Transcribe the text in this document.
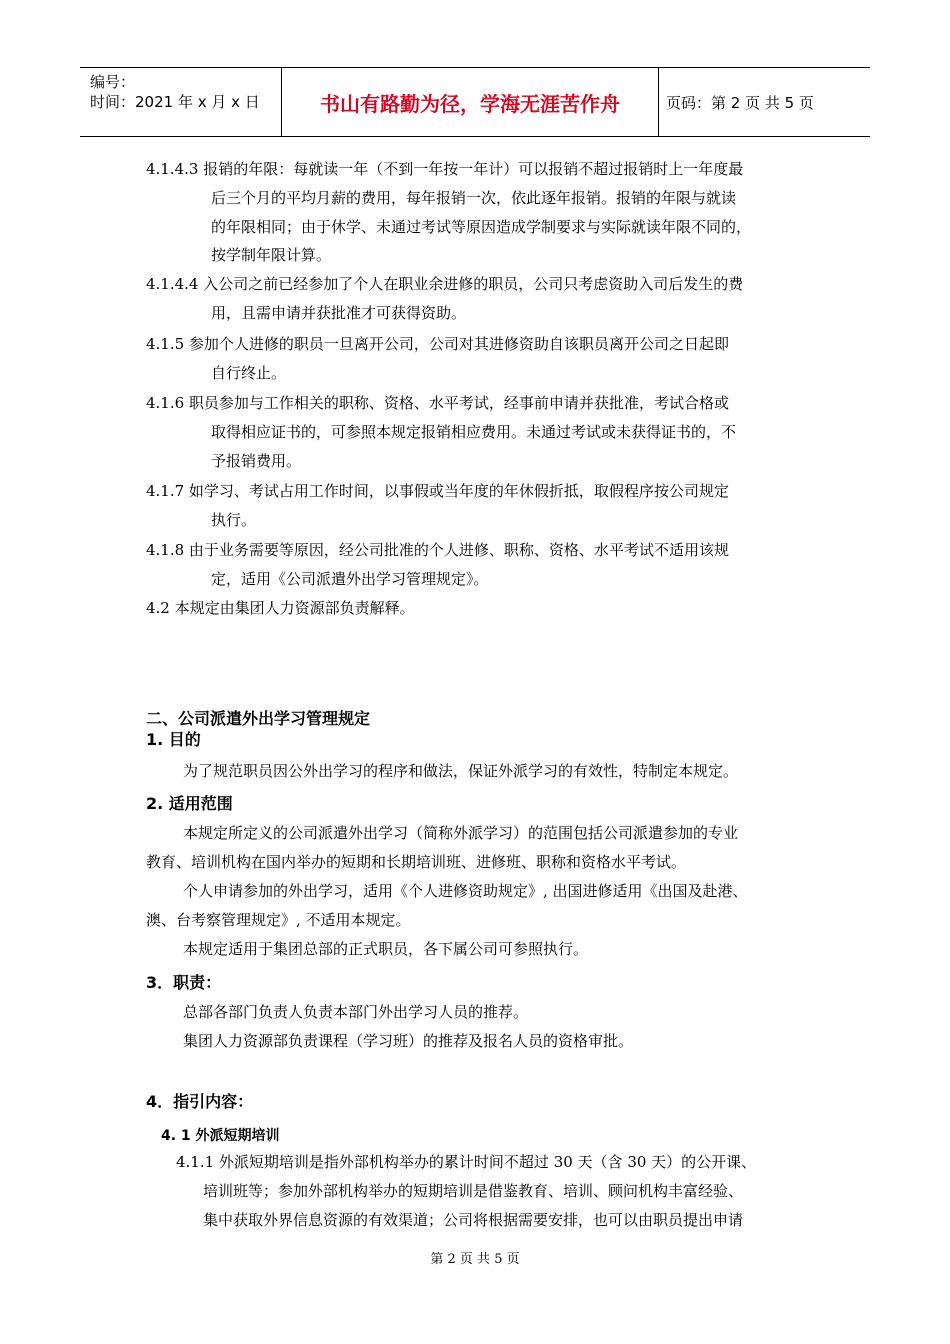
编号：
时间：2021 年 x 月 x 日	书山有路勤为径，学海无涯苦作舟	页码：第 2 页 共 5 页
4.1.4.3 报销的年限：每就读一年（不到一年按一年计）可以报销不超过报销时上一年度最
后三个月的平均月薪的费用，每年报销一次，依此逐年报销。报销的年限与就读
的年限相同；由于休学、未通过考试等原因造成学制要求与实际就读年限不同的，
按学制年限计算。
4.1.4.4 入公司之前已经参加了个人在职业余进修的职员，公司只考虑资助入司后发生的费
用，且需申请并获批准才可获得资助。
4.1.5 参加个人进修的职员一旦离开公司，公司对其进修资助自该职员离开公司之日起即
自行终止。
4.1.6 职员参加与工作相关的职称、资格、水平考试，经事前申请并获批准，考试合格或
取得相应证书的，可参照本规定报销相应费用。未通过考试或未获得证书的，不
予报销费用。
4.1.7 如学习、考试占用工作时间，以事假或当年度的年休假折抵，取假程序按公司规定
执行。
4.1.8 由于业务需要等原因，经公司批准的个人进修、职称、资格、水平考试不适用该规
定，适用《公司派遣外出学习管理规定》。
4.2 本规定由集团人力资源部负责解释。
二、公司派遣外出学习管理规定
1. 目的
为了规范职员因公外出学习的程序和做法，保证外派学习的有效性，特制定本规定。
2. 适用范围
本规定所定义的公司派遣外出学习（简称外派学习）的范围包括公司派遣参加的专业
教育、培训机构在国内举办的短期和长期培训班、进修班、职称和资格水平考试。
个人申请参加的外出学习，适用《个人进修资助规定》, 出国进修适用《出国及赴港、
澳、台考察管理规定》, 不适用本规定。
本规定适用于集团总部的正式职员，各下属公司可参照执行。
3．职责：
总部各部门负责人负责本部门外出学习人员的推荐。
集团人力资源部负责课程（学习班）的推荐及报名人员的资格审批。
4．指引内容：
4. 1 外派短期培训
4.1.1 外派短期培训是指外部机构举办的累计时间不超过 30 天（含 30 天）的公开课、
培训班等；参加外部机构举办的短期培训是借鉴教育、培训、顾问机构丰富经验、
集中获取外界信息资源的有效渠道；公司将根据需要安排，也可以由职员提出申请
第 2 页 共 5 页
